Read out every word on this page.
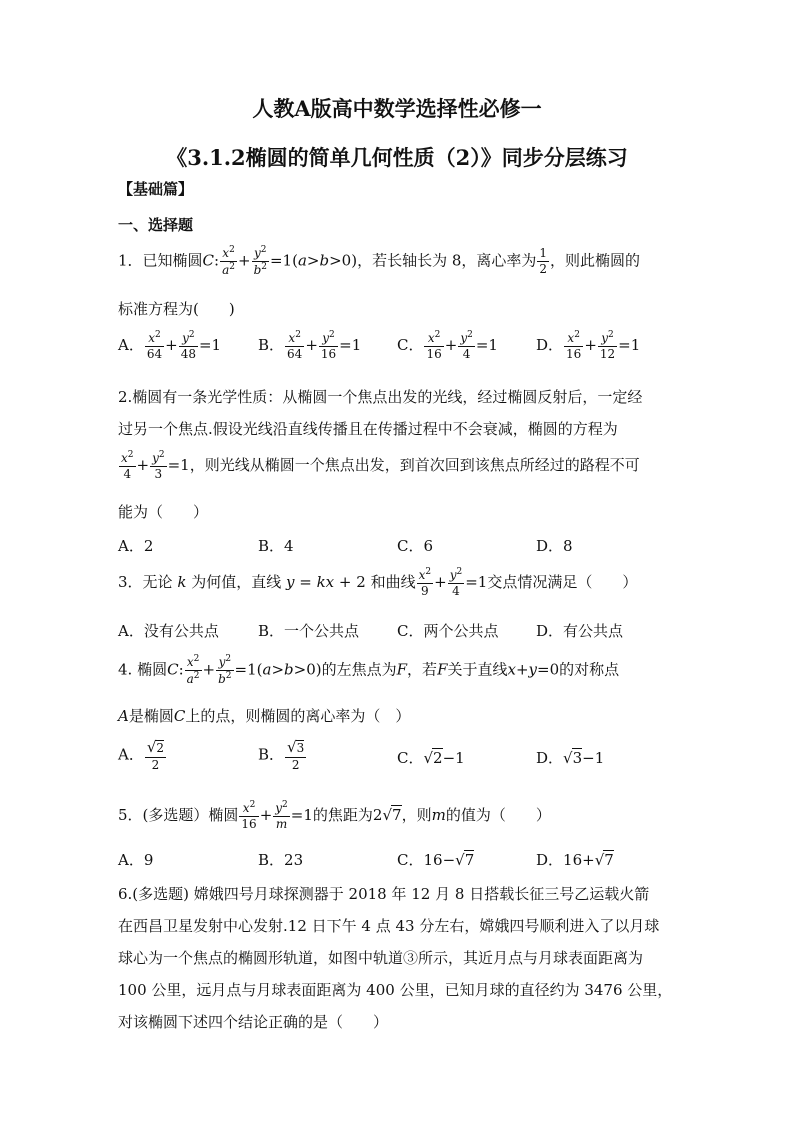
人教A版高中数学选择性必修一
《3.1.2椭圆的简单几何性质（2）》同步分层练习
【基础篇】
一、选择题
1．已知椭圆C: $\frac{x^2}{a^2} + \frac{y^2}{b^2} =1(a>b>0)$，若长轴长为 8，离心率为 $\frac{1}{2}$ ，则此椭圆的
标准方程为(　　)
A． $\frac{x^2}{64} + \frac{y^2}{48} =1$ B． $\frac{x^2}{64} + \frac{y^2}{16} =1$ C． $\frac{x^2}{16} + \frac{y^2}{4} =1$	D． $\frac{x^2}{16} + \frac{y^2}{12} =1$
2.椭圆有一条光学性质：从椭圆一个焦点出发的光线，经过椭圆反射后，一定经
过另一个焦点.假设光线沿直线传播且在传播过程中不会衰减，椭圆的方程为
$\frac{x^2}{4} + \frac{y^2}{3} =1$，则光线从椭圆一个焦点出发，到首次回到该焦点所经过的路程不可
能为（　　）
A．2	B．4	C．6	D．8
3．无论 k 为何值，直线 y = kx + 2 和曲线 $\frac{x^2}{9} + \frac{y^2}{4} =1$交点情况满足（　　）
A．没有公共点	B．一个公共点	C．两个公共点	D．有公共点
4. 椭圆C: $\frac{x^2}{a^2} + \frac{y^2}{b^2} =1(a>b>0)$的左焦点为F，若F关于直线x+y=0的对称点
A是椭圆C上的点，则椭圆的离心率为（　）
A． $\frac{√2}{2}$	B． $\frac{√3}{2}$	C．√2−1	D．√3−1
5．(多选题）椭圆 $\frac{x^2}{16} + \frac{y^2}{m} =1$的焦距为2√7，则m的值为（　　）
A．9	B．23	C．16−√7	D．16+√7
6.(多选题) 嫦娥四号月球探测器于 2018 年 12 月 8 日搭载长征三号乙运载火箭
在西昌卫星发射中心发射.12 日下午 4 点 43 分左右，嫦娥四号顺利进入了以月球
球心为一个焦点的椭圆形轨道，如图中轨道③所示，其近月点与月球表面距离为
100 公里，远月点与月球表面距离为 400 公里，已知月球的直径约为 3476 公里，
对该椭圆下述四个结论正确的是（　　）
